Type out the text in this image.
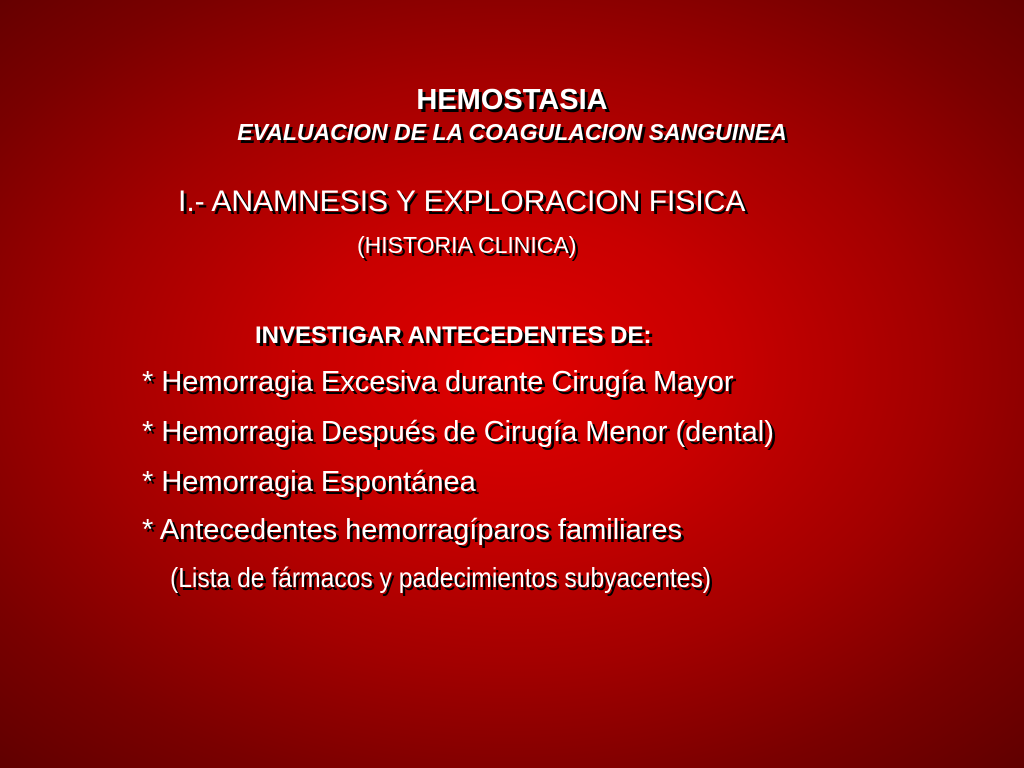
HEMOSTASIA
EVALUACION DE LA COAGULACION SANGUINEA
I.- ANAMNESIS Y EXPLORACION FISICA
(HISTORIA CLINICA)
INVESTIGAR ANTECEDENTES DE:
* Hemorragia Excesiva durante Cirugía Mayor
* Hemorragia Después de Cirugía Menor (dental)
* Hemorragia Espontánea
* Antecedentes hemorragíparos familiares
(Lista de fármacos y padecimientos subyacentes)
